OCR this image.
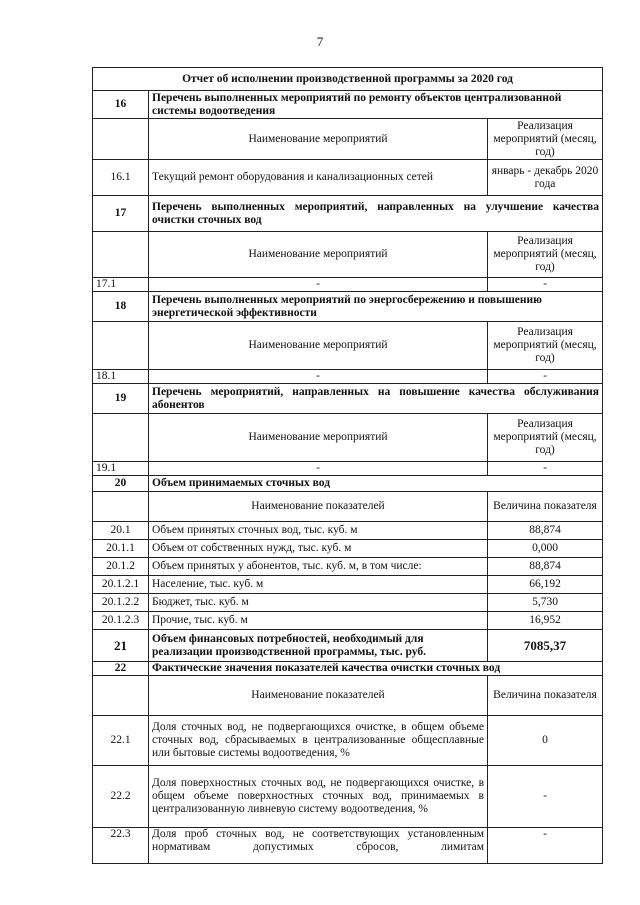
7
Отчет об исполнении производственной программы за 2020 год		
16	Перечень выполненных мероприятий по ремонту объектов централизованной системы водоотведения	
	Наименование мероприятий	Реализация мероприятий (месяц, год)
16.1	Текущий ремонт оборудования и канализационных сетей	январь - декабрь 2020 года
17	Перечень выполненных мероприятий, направленных на улучшение качества очистки сточных вод	
	Наименование мероприятий	Реализация мероприятий (месяц, год)
17.1	-	-
18	Перечень выполненных мероприятий по энергосбережению и повышению энергетической эффективности	
	Наименование мероприятий	Реализация мероприятий (месяц, год)
18.1	-	-
19	Перечень мероприятий, направленных на повышение качества обслуживания абонентов	
	Наименование мероприятий	Реализация мероприятий (месяц, год)
19.1	-	-
20	Объем принимаемых сточных вод	
	Наименование показателей	Величина показателя
20.1	Объем принятых сточных вод, тыс. куб. м	88,874
20.1.1	Объем от собственных нужд, тыс. куб. м	0,000
20.1.2	Объем принятых у абонентов, тыс. куб. м, в том числе:	88,874
20.1.2.1	Население, тыс. куб. м	66,192
20.1.2.2	Бюджет, тыс. куб. м	5,730
20.1.2.3	Прочие, тыс. куб. м	16,952
21	Объем финансовых потребностей, необходимый для реализации производственной программы, тыс. руб.	7085,37
22	Фактические значения показателей качества очистки сточных вод	
	Наименование показателей	Величина показателя
22.1	Доля сточных вод, не подвергающихся очистке, в общем объеме сточных вод, сбрасываемых в централизованные общесплавные или бытовые системы водоотведения, %	0
22.2	Доля поверхностных сточных вод, не подвергающихся очистке, в общем объеме поверхностных сточных вод, принимаемых в централизованную ливневую систему водоотведения, %	-
22.3	Доля проб сточных вод, не соответствующих установленным нормативам допустимых сбросов, лимитам	-
